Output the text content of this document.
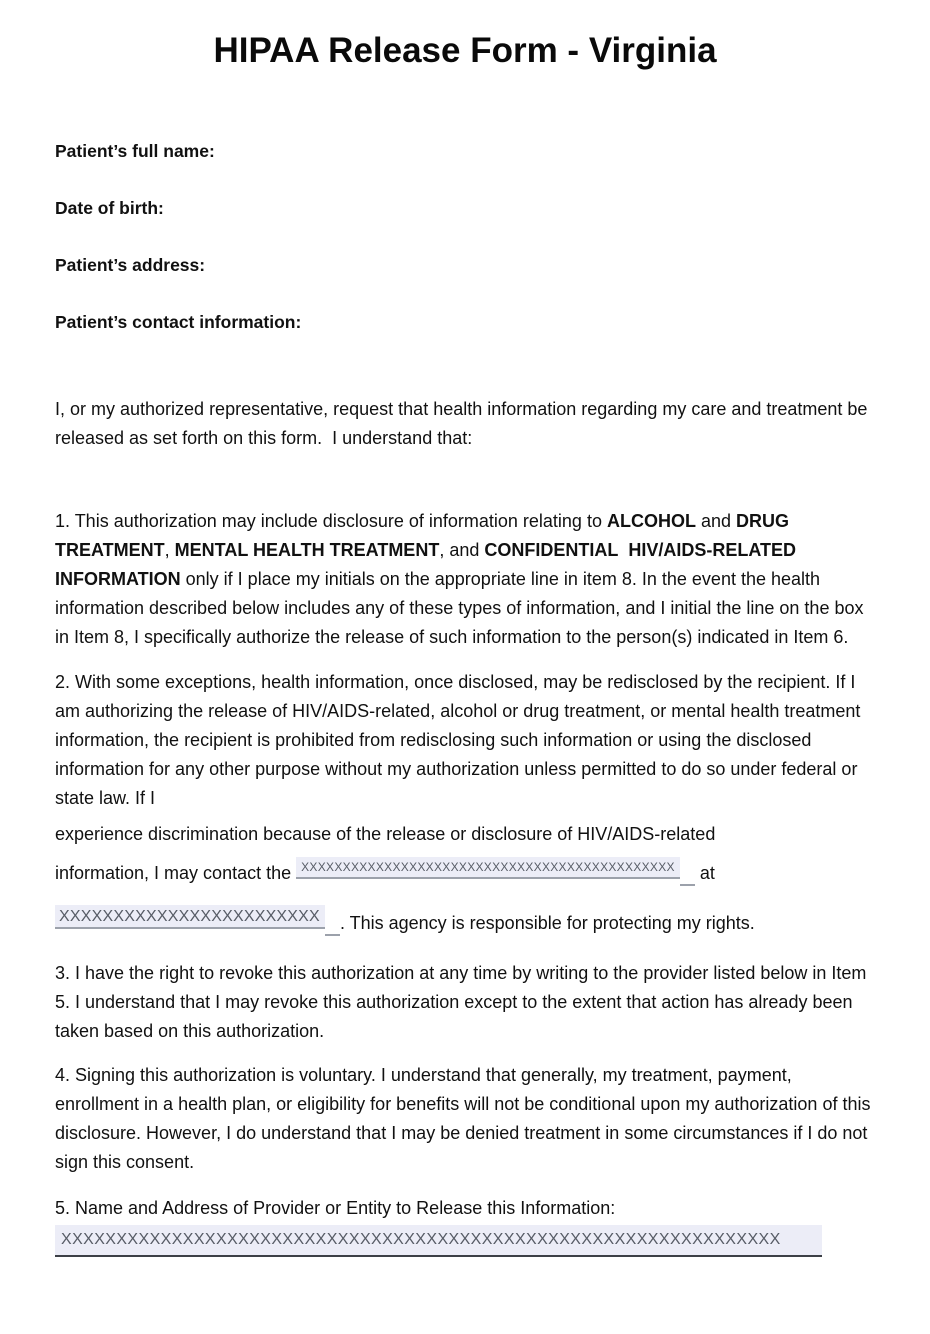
HIPAA Release Form - Virginia

Patient’s full name:

Date of birth:

Patient’s address:

Patient’s contact information:

I, or my authorized representative, request that health information regarding my care and treatment be released as set forth on this form.  I understand that:

1. This authorization may include disclosure of information relating to ALCOHOL and DRUG TREATMENT, MENTAL HEALTH TREATMENT, and CONFIDENTIAL  HIV/AIDS-RELATED INFORMATION only if I place my initials on the appropriate line in item 8. In the event the health information described below includes any of these types of information, and I initial the line on the box in Item 8, I specifically authorize the release of such information to the person(s) indicated in Item 6.

2. With some exceptions, health information, once disclosed, may be redisclosed by the recipient. If I am authorizing the release of HIV/AIDS-related, alcohol or drug treatment, or mental health treatment information, the recipient is prohibited from redisclosing such information or using the disclosed information for any other purpose without my authorization unless permitted to do so under federal or state law. If I

experience discrimination because of the release or disclosure of HIV/AIDS-related

information, I may contact the XXXXXXXXXXXXXXXXXXXXXXXXXXXXXXXXXXXXXXXXXXXXX at

XXXXXXXXXXXXXXXXXXXXXXXX . This agency is responsible for protecting my rights.

3. I have the right to revoke this authorization at any time by writing to the provider listed below in Item 5. I understand that I may revoke this authorization except to the extent that action has already been taken based on this authorization.

4. Signing this authorization is voluntary. I understand that generally, my treatment, payment, enrollment in a health plan, or eligibility for benefits will not be conditional upon my authorization of this disclosure. However, I do understand that I may be denied treatment in some circumstances if I do not sign this consent.

5. Name and Address of Provider or Entity to Release this Information:

XXXXXXXXXXXXXXXXXXXXXXXXXXXXXXXXXXXXXXXXXXXXXXXXXXXXXXXXXXXXXXXXX
